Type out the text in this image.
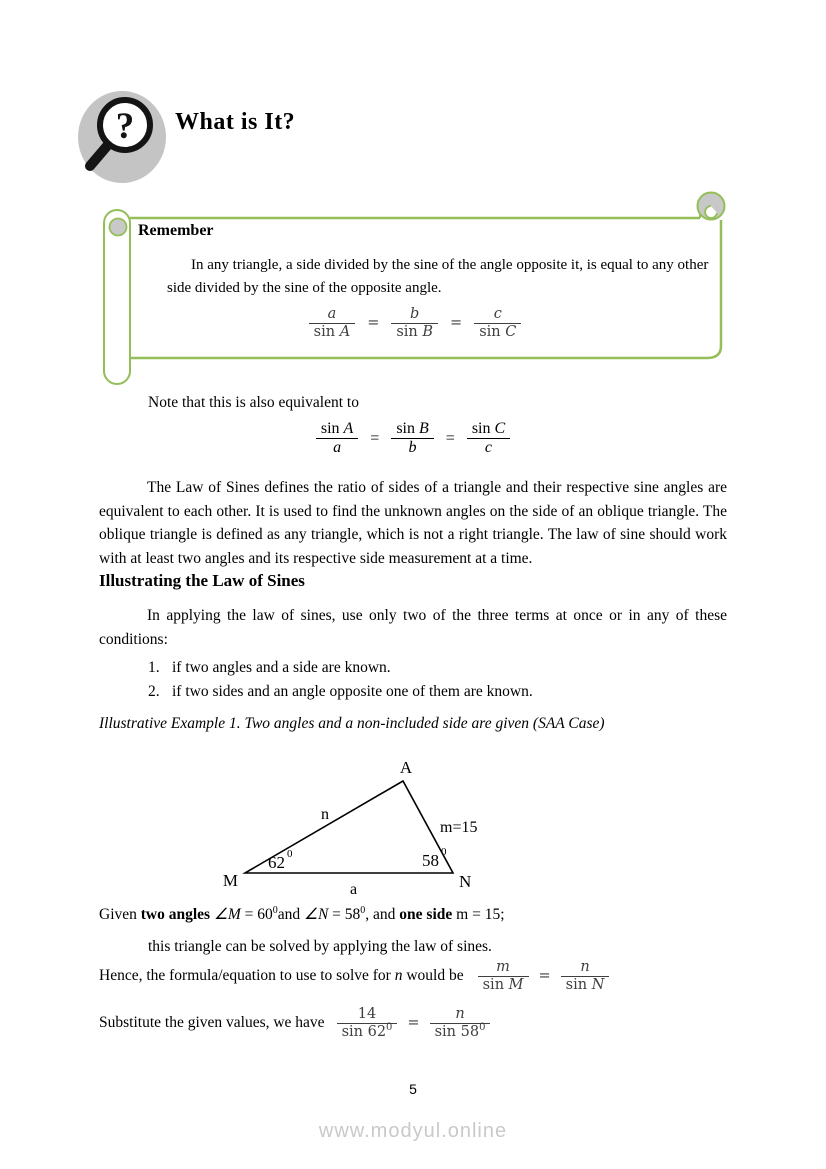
? What is It?
Remember
In any triangle, a side divided by the sine of the angle opposite it, is equal to any other side divided by the sine of the opposite angle.
$\frac{a}{\text{sin A}} = \frac{b}{\text{sin B}} = \frac{c}{\text{sin C}}$
Note that this is also equivalent to
$\frac{\text{sin A}}{a} = \frac{\text{sin B}}{b} = \frac{\text{sin C}}{c}$
The Law of Sines defines the ratio of sides of a triangle and their respective sine angles are equivalent to each other. It is used to find the unknown angles on the side of an oblique triangle. The oblique triangle is defined as any triangle, which is not a right triangle. The law of sine should work with at least two angles and its respective side measurement at a time.
Illustrating the Law of Sines
In applying the law of sines, use only two of the three terms at once or in any of these conditions:
1. if two angles and a side are known.
2. if two sides and an angle opposite one of them are known.
Illustrative Example 1. Two angles and a non-included side are given (SAA Case)
A
M	N
n
m=15
a
62 0	58 0
Given two angles ∠M = $60^0and$ ∠N = $58^0$, and one side m = 15;
this triangle can be solved by applying the law of sines.
Hence, the formula/equation to use to solve for n would be $\frac{m}{\text{sin M}} = \frac{n}{\text{sin N}}$
Substitute the given values, we have $\frac{14}{\sin 62^0} = \frac{n}{\sin 58^0}$
5
www.modyul.online
